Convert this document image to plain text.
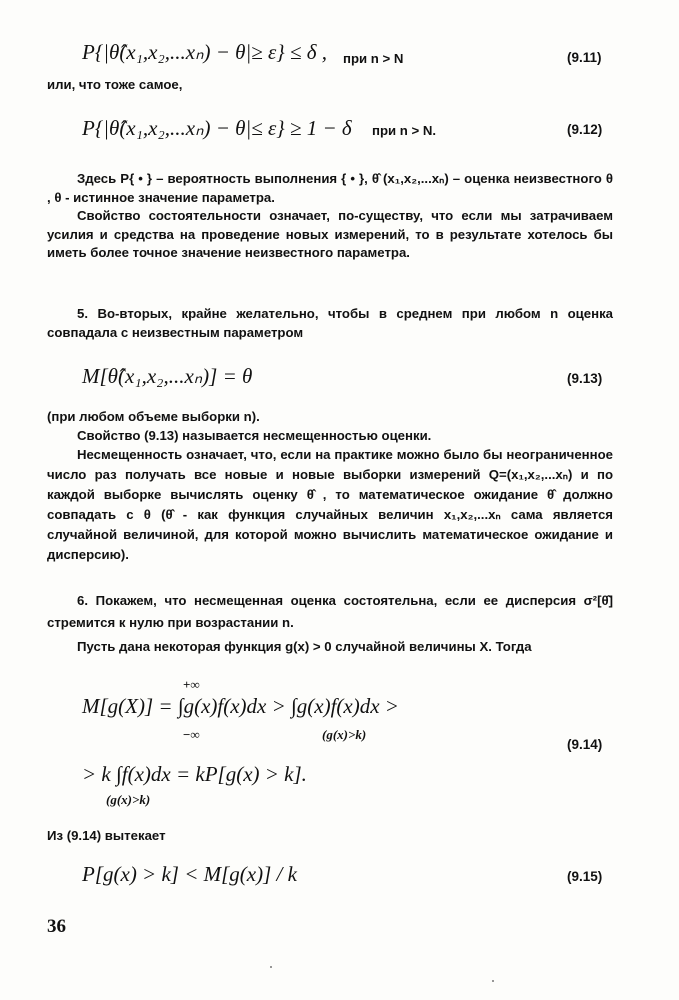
P{|θ̂(x₁,x₂,...xₙ) − θ|≥ ε} ≤ δ , при n > N	(9.11)
или, что тоже самое,
P{|θ̂(x₁,x₂,...xₙ) − θ|≤ ε} ≥ 1 − δ при n > N.	(9.12)

Здесь P{ • } – вероятность выполнения { • }, θ̂ (x₁,x₂,...xₙ) – оценка неизвестного θ , θ - истинное значение параметра.

Свойство состоятельности означает, по-существу, что если мы затрачиваем усилия и средства на проведение новых измерений, то в результате хотелось бы иметь более точное значение неизвестного параметра.

5. Во-вторых, крайне желательно, чтобы в среднем при любом n оценка совпадала с неизвестным параметром

M[θ̂(x₁,x₂,...xₙ)] = θ	(9.13)

(при любом объеме выборки n).

Свойство (9.13) называется несмещенностью оценки.

Несмещенность означает, что, если на практике можно было бы неограниченное число раз получать все новые и новые выборки измерений Q=(x₁,x₂,...xₙ) и по каждой выборке вычислять оценку θ̂ , то математическое ожидание θ̂ должно совпадать с θ (θ̂ - как функция случайных величин x₁,x₂,...xₙ сама является случайной величиной, для которой можно вычислить математическое ожидание и дисперсию).

6. Покажем, что несмещенная оценка состоятельна, если ее дисперсия σ²[θ̂] стремится к нулю при возрастании n.

Пусть дана некоторая функция g(x) > 0 случайной величины X. Тогда

M[g(X)] = ∫g(x)f(x)dx > ∫g(x)f(x)dx >
+∞
−∞	(g(x)>k)
(9.14)
> k ∫f(x)dx = kP[g(x) > k].
(g(x)>k)
Из (9.14) вытекает
P[g(x) > k] < M[g(x)] / k	(9.15)
36
